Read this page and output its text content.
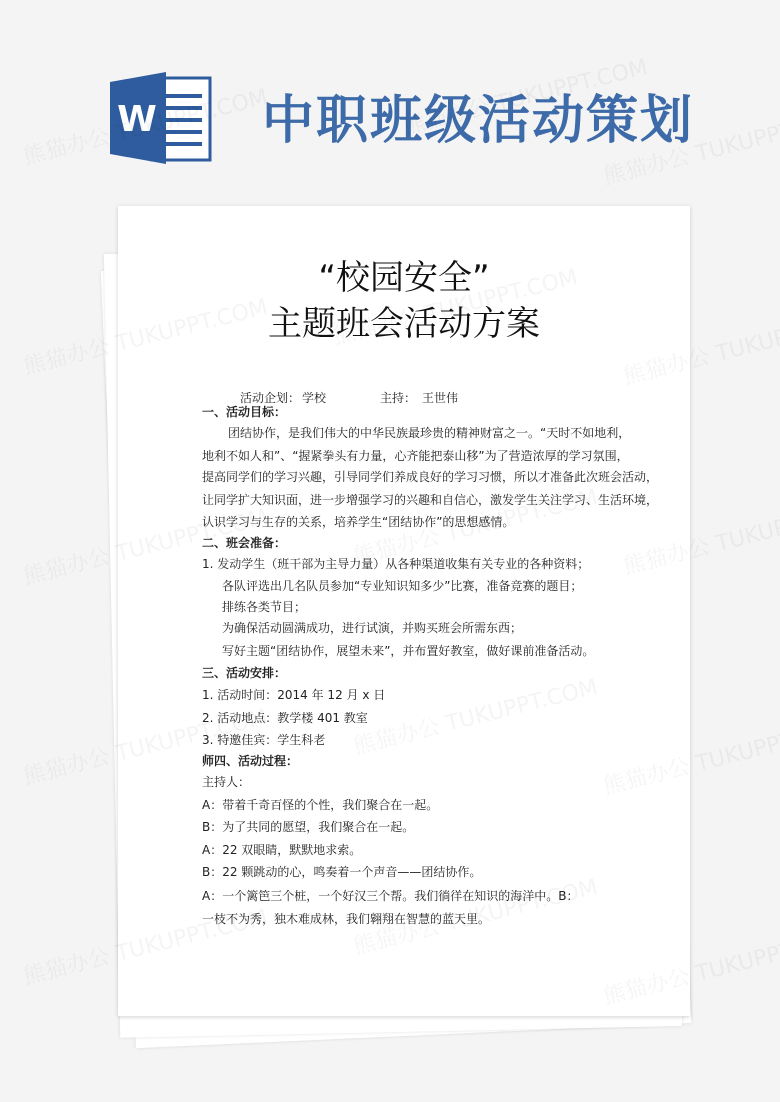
W 中职班级活动策划
“校园安全”
主题班会活动方案
活动企划： 学校	主持： 王世伟
一、活动目标：
团结协作，是我们伟大的中华民族最珍贵的精神财富之一。“天时不如地利，
地利不如人和”、“握紧拳头有力量，心齐能把泰山移”为了营造浓厚的学习氛围，
提高同学们的学习兴趣，引导同学们养成良好的学习习惯，所以才准备此次班会活动，
让同学扩大知识面，进一步增强学习的兴趣和自信心，激发学生关注学习、生活环境，
认识学习与生存的关系，培养学生“团结协作”的思想感情。
二、班会准备：
1. 发动学生（班干部为主导力量）从各种渠道收集有关专业的各种资料；
各队评选出几名队员参加“专业知识知多少”比赛，准备竞赛的题目；
排练各类节目；
为确保活动圆满成功，进行试演，并购买班会所需东西；
写好主题“团结协作，展望未来”，并布置好教室，做好课前准备活动。
三、活动安排：
1. 活动时间：2014 年 12 月 x 日
2. 活动地点：教学楼 401 教室
3. 特邀佳宾：学生科老
师四、活动过程：
主持人：
A：带着千奇百怪的个性，我们聚合在一起。
B：为了共同的愿望，我们聚合在一起。
A：22 双眼睛，默默地求索。
B：22 颗跳动的心，鸣奏着一个声音——团结协作。
A：一个篱笆三个桩，一个好汉三个帮。我们徜徉在知识的海洋中。B：
一枝不为秀，独木难成林，我们翱翔在智慧的蓝天里。
